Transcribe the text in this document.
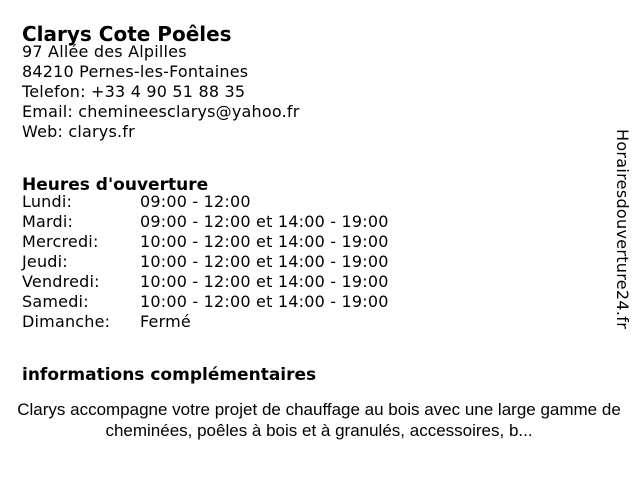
Clarys Cote Poêles
97 Allée des Alpilles
84210 Pernes-les-Fontaines
Telefon: +33 4 90 51 88 35
Email: chemineesclarys@yahoo.fr
Web: clarys.fr
Heures d'ouverture
Lundi:	09:00 - 12:00
Mardi:	09:00 - 12:00 et 14:00 - 19:00
Mercredi:	10:00 - 12:00 et 14:00 - 19:00
Jeudi:	10:00 - 12:00 et 14:00 - 19:00
Vendredi:	10:00 - 12:00 et 14:00 - 19:00
Samedi:	10:00 - 12:00 et 14:00 - 19:00
Dimanche: Fermé
informations complémentaires

Clarys accompagne votre projet de chauffage au bois avec une large gamme de cheminées, poêles à bois et à granulés, accessoires, b...

Horairesdouverture24.fr
